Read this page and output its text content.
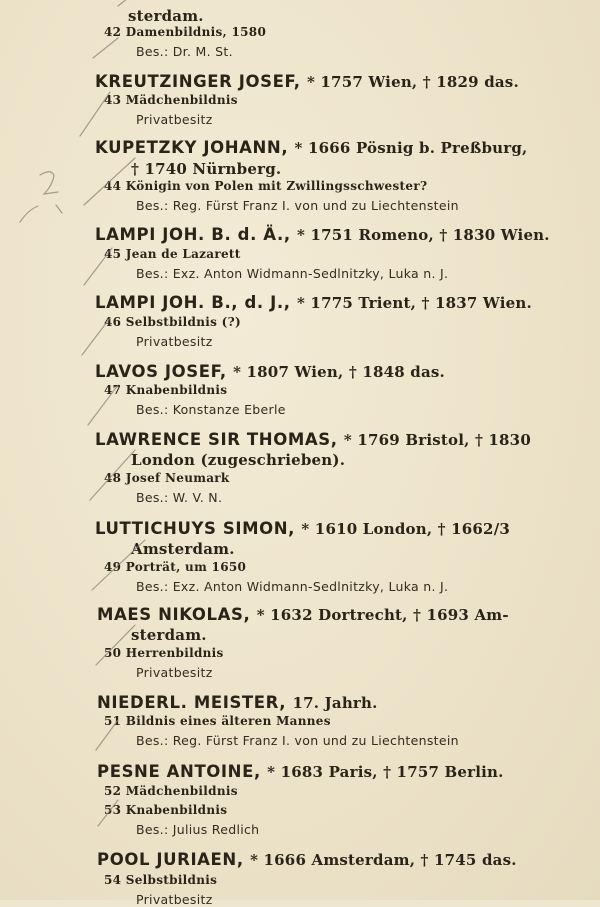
sterdam.
42 Damenbildnis, 1580
Bes.: Dr. M. St.
KREUTZINGER JOSEF, * 1757 Wien, † 1829 das.
43 Mädchenbildnis
Privatbesitz
KUPETZKY JOHANN, * 1666 Pösnig b. Preßburg,
† 1740 Nürnberg.
44 Königin von Polen mit Zwillingsschwester?
Bes.: Reg. Fürst Franz I. von und zu Liechtenstein
LAMPI JOH. B. d. Ä., * 1751 Romeno, † 1830 Wien.
45 Jean de Lazarett
Bes.: Exz. Anton Widmann-Sedlnitzky, Luka n. J.
LAMPI JOH. B., d. J., * 1775 Trient, † 1837 Wien.
46 Selbstbildnis (?)
Privatbesitz
LAVOS JOSEF, * 1807 Wien, † 1848 das.
47 Knabenbildnis
Bes.: Konstanze Eberle
LAWRENCE SIR THOMAS, * 1769 Bristol, † 1830
London (zugeschrieben).
48 Josef Neumark
Bes.: W. V. N.
LUTTICHUYS SIMON, * 1610 London, † 1662/3
Amsterdam.
49 Porträt, um 1650
Bes.: Exz. Anton Widmann-Sedlnitzky, Luka n. J.
MAES NIKOLAS, * 1632 Dortrecht, † 1693 Am-
sterdam.
50 Herrenbildnis
Privatbesitz
NIEDERL. MEISTER, 17. Jahrh.
51 Bildnis eines älteren Mannes
Bes.: Reg. Fürst Franz I. von und zu Liechtenstein
PESNE ANTOINE, * 1683 Paris, † 1757 Berlin.
52 Mädchenbildnis
53 Knabenbildnis
Bes.: Julius Redlich
POOL JURIAEN, * 1666 Amsterdam, † 1745 das.
54 Selbstbildnis
Privatbesitz
